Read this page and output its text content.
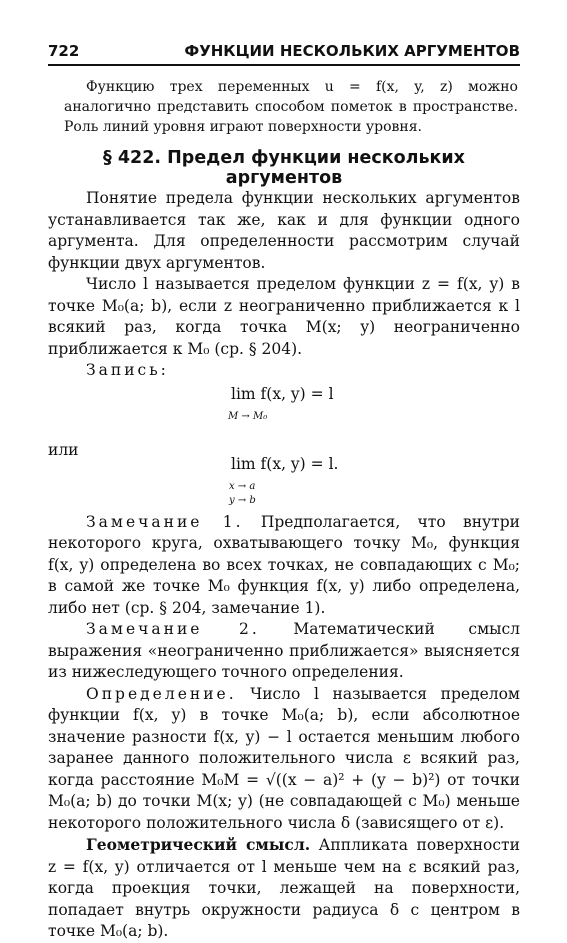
722	ФУНКЦИИ НЕСКОЛЬКИХ АРГУМЕНТОВ

Функцию трех переменных u = f(x, y, z) можно аналогично представить способом пометок в пространстве. Роль линий уровня играют поверхности уровня.

§ 422. Предел функции нескольких аргументов

Понятие предела функции нескольких аргументов устанавливается так же, как и для функции одного аргумента. Для определенности рассмотрим случай функции двух аргументов.

Число l называется пределом функции z = f(x, y) в точке M₀(a; b), если z неограниченно приближается к l всякий раз, когда точка M(x; y) неограниченно приближается к M₀ (ср. § 204).

Запись:

lim f(x, y) = l
M → M₀
или
lim f(x, y) = l.
x → a
y → b

Замечание 1. Предполагается, что внутри некоторого круга, охватывающего точку M₀, функция f(x, y) определена во всех точках, не совпадающих с M₀; в самой же точке M₀ функция f(x, y) либо определена, либо нет (ср. § 204, замечание 1).

Замечание 2. Математический смысл выражения «неограниченно приближается» выясняется из нижеследующего точного определения.

Определение. Число l называется пределом функции f(x, y) в точке M₀(a; b), если абсолютное значение разности f(x, y) − l остается меньшим любого заранее данного положительного числа ε всякий раз, когда расстояние M₀M = √((x − a)² + (y − b)²) от точки M₀(a; b) до точки M(x; y) (не совпадающей с M₀) меньше некоторого положительного числа δ (зависящего от ε).

Геометрический смысл. Аппликата поверхности z = f(x, y) отличается от l меньше чем на ε всякий раз, когда проекция точки, лежащей на поверхности, попадает внутрь окружности радиуса δ с центром в точке M₀(a; b).
